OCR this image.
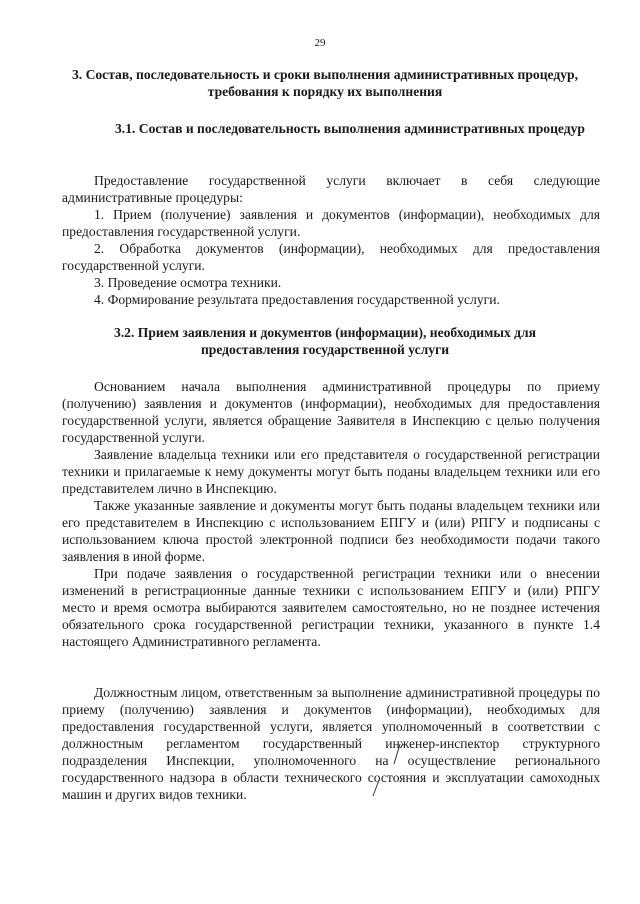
29
3. Состав, последовательность и сроки выполнения административных процедур, требования к порядку их выполнения
3.1. Состав и последовательность выполнения административных процедур

Предоставление государственной услуги включает в себя следующие административные процедуры:

1. Прием (получение) заявления и документов (информации), необходимых для предоставления государственной услуги.

2. Обработка документов (информации), необходимых для предоставления государственной услуги.

3. Проведение осмотра техники.

4. Формирование результата предоставления государственной услуги.

3.2. Прием заявления и документов (информации), необходимых для предоставления государственной услуги

Основанием начала выполнения административной процедуры по приему (получению) заявления и документов (информации), необходимых для предоставления государственной услуги, является обращение Заявителя в Инспекцию с целью получения государственной услуги.

Заявление владельца техники или его представителя о государственной регистрации техники и прилагаемые к нему документы могут быть поданы владельцем техники или его представителем лично в Инспекцию.

Также указанные заявление и документы могут быть поданы владельцем техники или его представителем в Инспекцию с использованием ЕПГУ и (или) РПГУ и подписаны с использованием ключа простой электронной подписи без необходимости подачи такого заявления в иной форме.

При подаче заявления о государственной регистрации техники или о внесении изменений в регистрационные данные техники с использованием ЕПГУ и (или) РПГУ место и время осмотра выбираются заявителем самостоятельно, но не позднее истечения обязательного срока государственной регистрации техники, указанного в пункте 1.4 настоящего Административного регламента.

Должностным лицом, ответственным за выполнение административной процедуры по приему (получению) заявления и документов (информации), необходимых для предоставления государственной услуги, является уполномоченный в соответствии с должностным регламентом государственный инженер-инспектор структурного подразделения Инспекции, уполномоченного на осуществление регионального государственного надзора в области технического состояния и эксплуатации самоходных машин и других видов техники.
